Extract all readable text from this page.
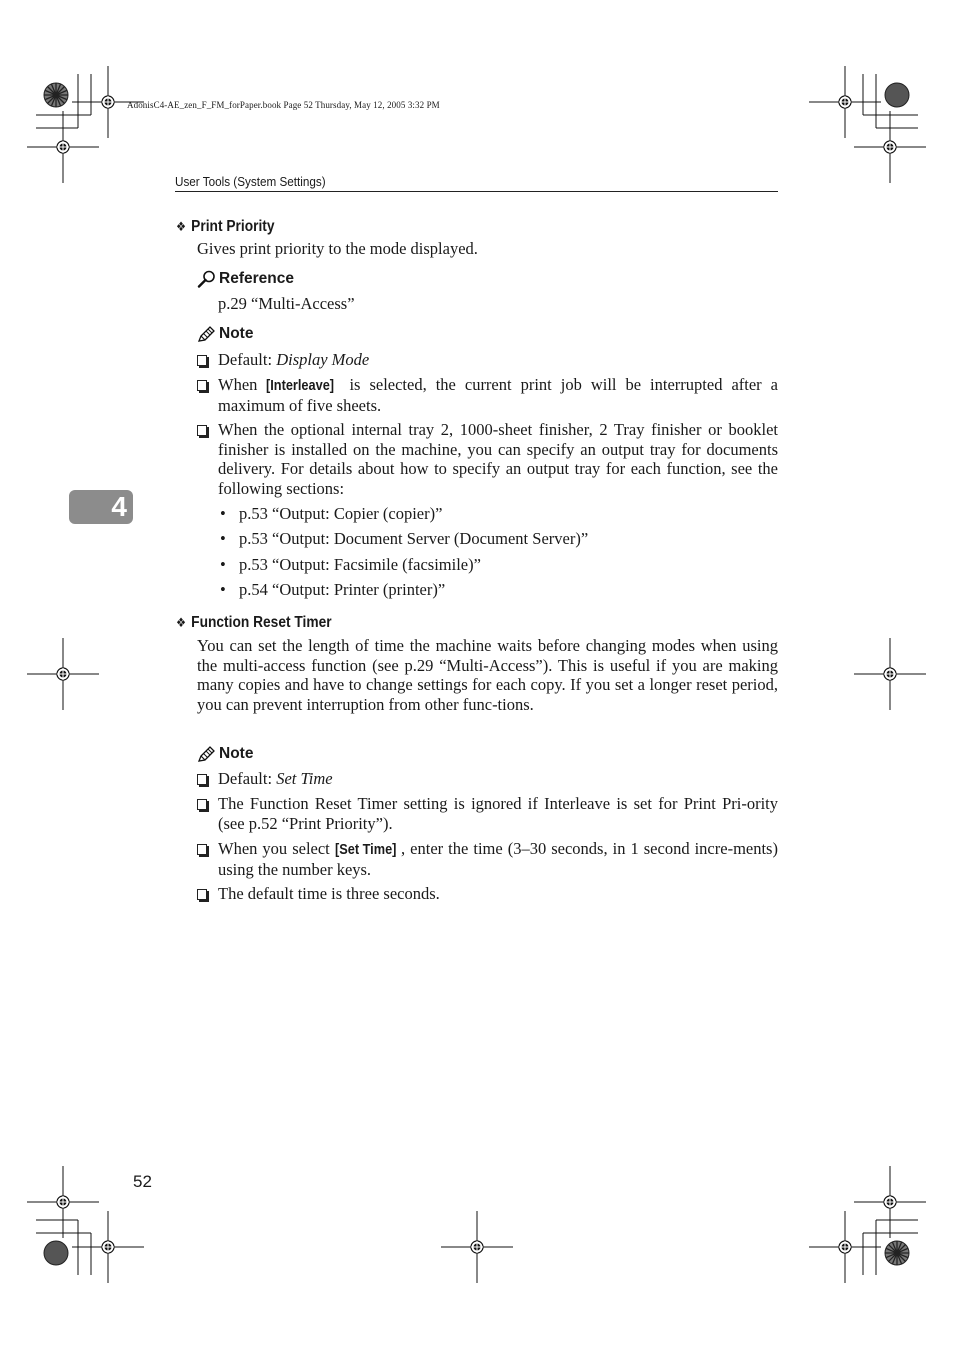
AdonisC4-AE_zen_F_FM_forPaper.book Page 52 Thursday, May 12, 2005 3:32 PM
User Tools (System Settings)
4
❖ Print Priority
Gives print priority to the mode displayed.
Reference
p.29 “Multi-Access”
Note
Default: Display Mode
When [Interleave] is selected, the current print job will be interrupted after a maximum of five sheets.
When the optional internal tray 2, 1000-sheet finisher, 2 Tray finisher or booklet finisher is installed on the machine, you can specify an output tray for documents delivery. For details about how to specify an output tray for each function, see the following sections:
• p.53 “Output: Copier (copier)”
• p.53 “Output: Document Server (Document Server)”
• p.53 “Output: Facsimile (facsimile)”
• p.54 “Output: Printer (printer)”
❖ Function Reset Timer
You can set the length of time the machine waits before changing modes when using the multi-access function (see p.29 “Multi-Access”). This is useful if you are making many copies and have to change settings for each copy. If you set a longer reset period, you can prevent interruption from other func-tions.
Note
Default: Set Time
The Function Reset Timer setting is ignored if Interleave is set for Print Pri-ority (see p.52 “Print Priority”).
When you select [Set Time] , enter the time (3–30 seconds, in 1 second incre-ments) using the number keys.
The default time is three seconds.
52
